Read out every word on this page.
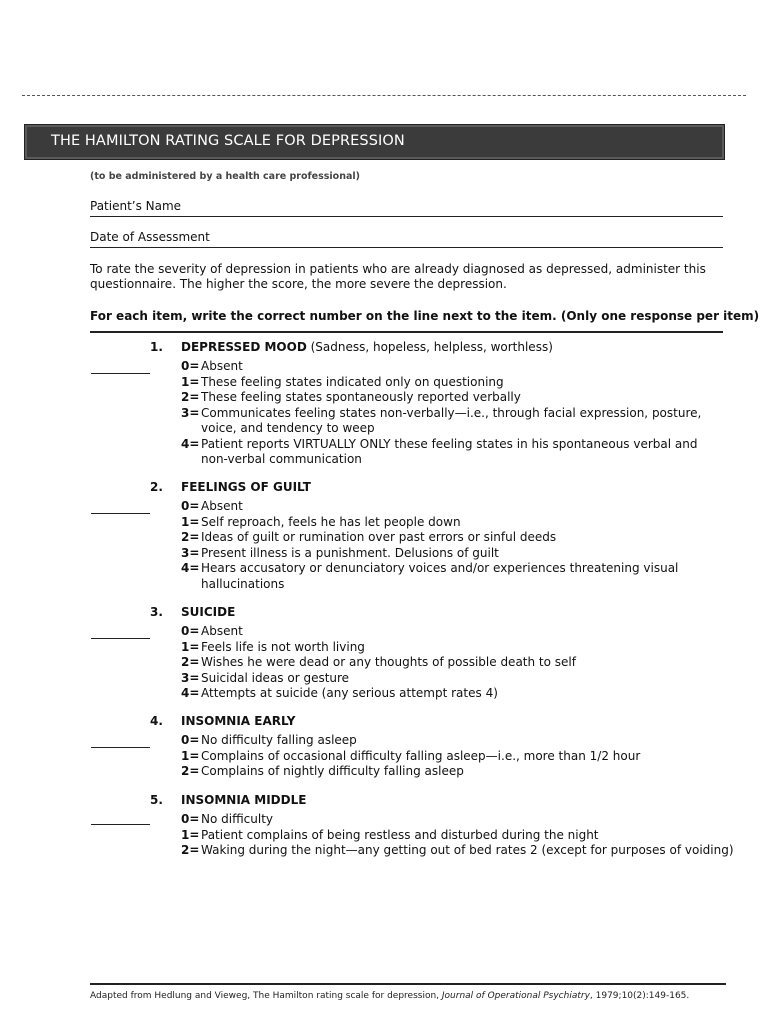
THE HAMILTON RATING SCALE FOR DEPRESSION
(to be administered by a health care professional)
Patient’s Name
Date of Assessment
To rate the severity of depression in patients who are already diagnosed as depressed, administer this questionnaire. The higher the score, the more severe the depression.
For each item, write the correct number on the line next to the item. (Only one response per item)
1. DEPRESSED MOOD (Sadness, hopeless, helpless, worthless)
0= Absent
1= These feeling states indicated only on questioning
2= These feeling states spontaneously reported verbally
3= Communicates feeling states non-verbally—i.e., through facial expression, posture, voice, and tendency to weep
4= Patient reports VIRTUALLY ONLY these feeling states in his spontaneous verbal and non-verbal communication
2. FEELINGS OF GUILT
0= Absent
1= Self reproach, feels he has let people down
2= Ideas of guilt or rumination over past errors or sinful deeds
3= Present illness is a punishment. Delusions of guilt
4= Hears accusatory or denunciatory voices and/or experiences threatening visual hallucinations
3. SUICIDE
0= Absent
1= Feels life is not worth living
2= Wishes he were dead or any thoughts of possible death to self
3= Suicidal ideas or gesture
4= Attempts at suicide (any serious attempt rates 4)
4. INSOMNIA EARLY
0= No difficulty falling asleep
1= Complains of occasional difficulty falling asleep—i.e., more than 1/2 hour
2= Complains of nightly difficulty falling asleep
5. INSOMNIA MIDDLE
0= No difficulty
1= Patient complains of being restless and disturbed during the night
2= Waking during the night—any getting out of bed rates 2 (except for purposes of voiding)
Adapted from Hedlung and Vieweg, The Hamilton rating scale for depression, Journal of Operational Psychiatry, 1979;10(2):149-165.
